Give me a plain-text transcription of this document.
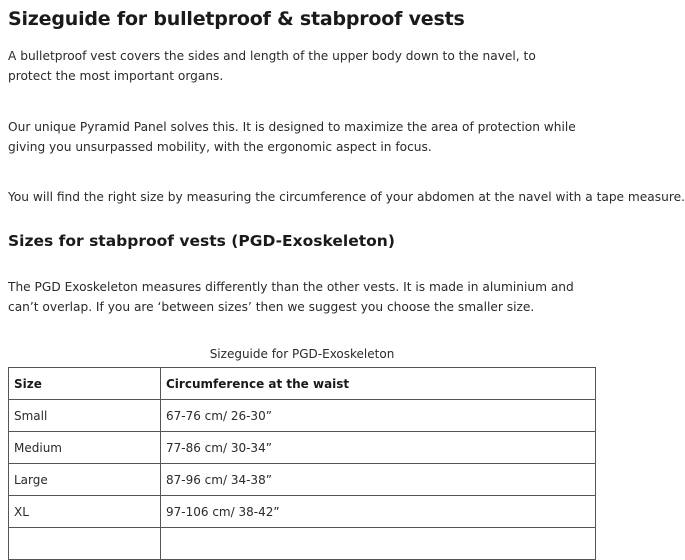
Sizeguide for bulletproof & stabproof vests

A bulletproof vest covers the sides and length of the upper body down to the navel, to protect the most important organs.

Our unique Pyramid Panel solves this. It is designed to maximize the area of protection while giving you unsurpassed mobility, with the ergonomic aspect in focus.

You will find the right size by measuring the circumference of your abdomen at the navel with a tape measure.

Sizes for stabproof vests (PGD-Exoskeleton)

The PGD Exoskeleton measures differently than the other vests. It is made in aluminium and can’t overlap. If you are ‘between sizes’ then we suggest you choose the smaller size.

Sizeguide for PGD-Exoskeleton
Size	Circumference at the waist
Small	67-76 cm/ 26-30”
Medium	77-86 cm/ 30-34”
Large	87-96 cm/ 34-38”
XL	97-106 cm/ 38-42”
